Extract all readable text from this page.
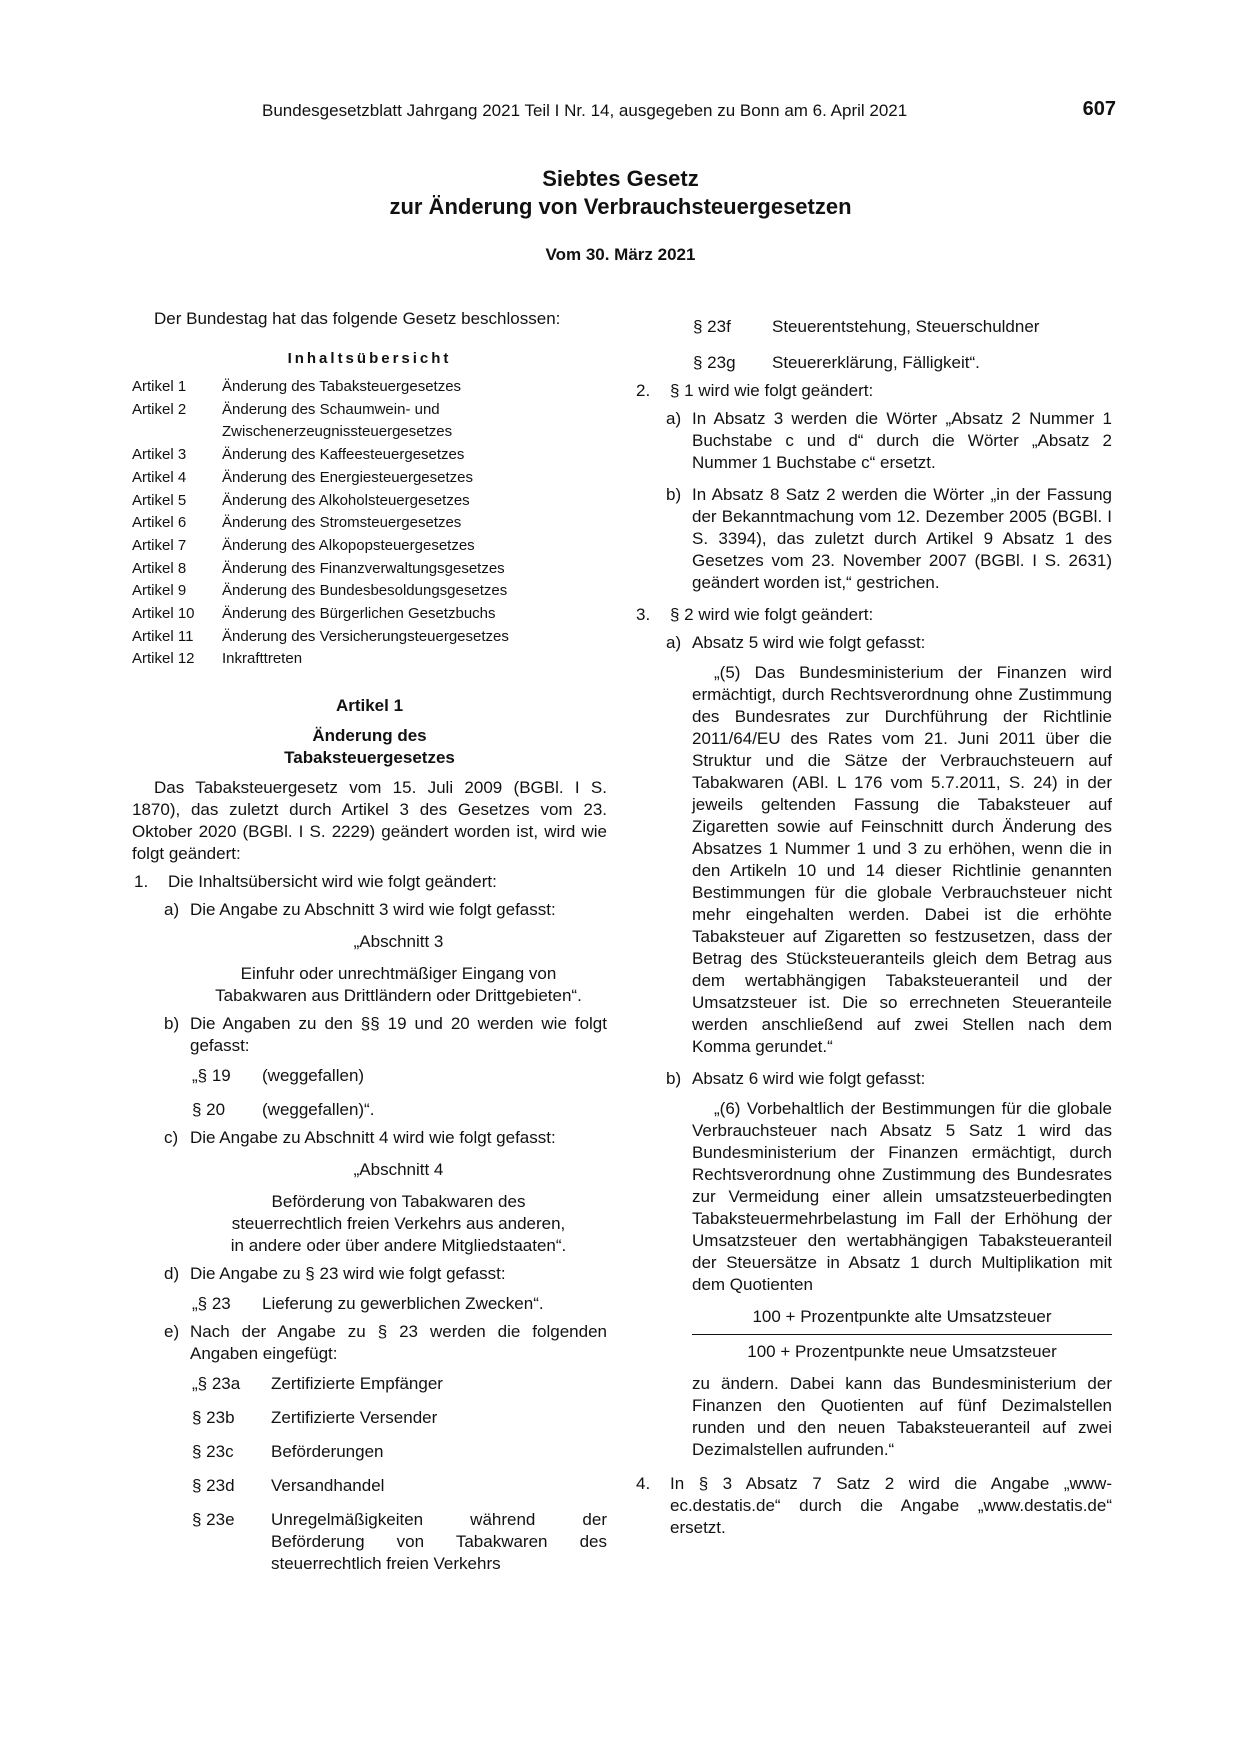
Bundesgesetzblatt Jahrgang 2021 Teil I Nr. 14, ausgegeben zu Bonn am 6. April 2021	607
Siebtes Gesetz
zur Änderung von Verbrauchsteuergesetzen
Vom 30. März 2021

Der Bundestag hat das folgende Gesetz beschlossen:

Inhaltsübersicht
Artikel 1	Änderung des Tabaksteuergesetzes
Artikel 2	Änderung des Schaumwein- und Zwischenerzeugnissteuergesetzes
Artikel 3	Änderung des Kaffeesteuergesetzes
Artikel 4	Änderung des Energiesteuergesetzes
Artikel 5	Änderung des Alkoholsteuergesetzes
Artikel 6	Änderung des Stromsteuergesetzes
Artikel 7	Änderung des Alkopopsteuergesetzes
Artikel 8	Änderung des Finanzverwaltungsgesetzes
Artikel 9	Änderung des Bundesbesoldungsgesetzes
Artikel 10	Änderung des Bürgerlichen Gesetzbuchs
Artikel 11	Änderung des Versicherungsteuergesetzes
Artikel 12	Inkrafttreten
Artikel 1
Änderung des
Tabaksteuergesetzes

Das Tabaksteuergesetz vom 15. Juli 2009 (BGBl. I S. 1870), das zuletzt durch Artikel 3 des Gesetzes vom 23. Oktober 2020 (BGBl. I S. 2229) geändert worden ist, wird wie folgt geändert:

1.	Die Inhaltsübersicht wird wie folgt geändert:
a) Die Angabe zu Abschnitt 3 wird wie folgt gefasst:
„Abschnitt 3
Einfuhr oder unrechtmäßiger Eingang von
Tabakwaren aus Drittländern oder Drittgebieten“.
b) Die Angaben zu den §§ 19 und 20 werden wie folgt gefasst:
„§ 19	(weggefallen)
§ 20	(weggefallen)“.
c) Die Angabe zu Abschnitt 4 wird wie folgt gefasst:
„Abschnitt 4
Beförderung von Tabakwaren des
steuerrechtlich freien Verkehrs aus anderen,
in andere oder über andere Mitgliedstaaten“.
d) Die Angabe zu § 23 wird wie folgt gefasst:
„§ 23	Lieferung zu gewerblichen Zwecken“.
e) Nach der Angabe zu § 23 werden die folgenden Angaben eingefügt:
„§ 23a	Zertifizierte Empfänger
§ 23b	Zertifizierte Versender
§ 23c	Beförderungen
§ 23d	Versandhandel
§ 23e	Unregelmäßigkeiten während der Beförderung von Tabakwaren des steuerrechtlich freien Verkehrs
§ 23f	Steuerentstehung, Steuerschuldner
§ 23g	Steuererklärung, Fälligkeit“.
2.	§ 1 wird wie folgt geändert:
a) In Absatz 3 werden die Wörter „Absatz 2 Nummer 1 Buchstabe c und d“ durch die Wörter „Absatz 2 Nummer 1 Buchstabe c“ ersetzt.
b) In Absatz 8 Satz 2 werden die Wörter „in der Fassung der Bekanntmachung vom 12. Dezember 2005 (BGBl. I S. 3394), das zuletzt durch Artikel 9 Absatz 1 des Gesetzes vom 23. November 2007 (BGBl. I S. 2631) geändert worden ist,“ gestrichen.
3.	§ 2 wird wie folgt geändert:
a) Absatz 5 wird wie folgt gefasst:

„(5) Das Bundesministerium der Finanzen wird ermächtigt, durch Rechtsverordnung ohne Zustimmung des Bundesrates zur Durchführung der Richtlinie 2011/64/EU des Rates vom 21. Juni 2011 über die Struktur und die Sätze der Verbrauchsteuern auf Tabakwaren (ABl. L 176 vom 5.7.2011, S. 24) in der jeweils geltenden Fassung die Tabaksteuer auf Zigaretten sowie auf Feinschnitt durch Änderung des Absatzes 1 Nummer 1 und 3 zu erhöhen, wenn die in den Artikeln 10 und 14 dieser Richtlinie genannten Bestimmungen für die globale Verbrauchsteuer nicht mehr eingehalten werden. Dabei ist die erhöhte Tabaksteuer auf Zigaretten so festzusetzen, dass der Betrag des Stücksteueranteils gleich dem Betrag aus dem wertabhängigen Tabaksteueranteil und der Umsatzsteuer ist. Die so errechneten Steueranteile werden anschließend auf zwei Stellen nach dem Komma gerundet.“

b) Absatz 6 wird wie folgt gefasst:

„(6) Vorbehaltlich der Bestimmungen für die globale Verbrauchsteuer nach Absatz 5 Satz 1 wird das Bundesministerium der Finanzen ermächtigt, durch Rechtsverordnung ohne Zustimmung des Bundesrates zur Vermeidung einer allein umsatzsteuerbedingten Tabaksteuermehrbelastung im Fall der Erhöhung der Umsatzsteuer den wertabhängigen Tabaksteueranteil der Steuersätze in Absatz 1 durch Multiplikation mit dem Quotienten

100 + Prozentpunkte alte Umsatzsteuer
100 + Prozentpunkte neue Umsatzsteuer

zu ändern. Dabei kann das Bundesministerium der Finanzen den Quotienten auf fünf Dezimalstellen runden und den neuen Tabaksteueranteil auf zwei Dezimalstellen aufrunden.“

4.	In § 3 Absatz 7 Satz 2 wird die Angabe „www-ec.destatis.de“ durch die Angabe „www.destatis.de“ ersetzt.
